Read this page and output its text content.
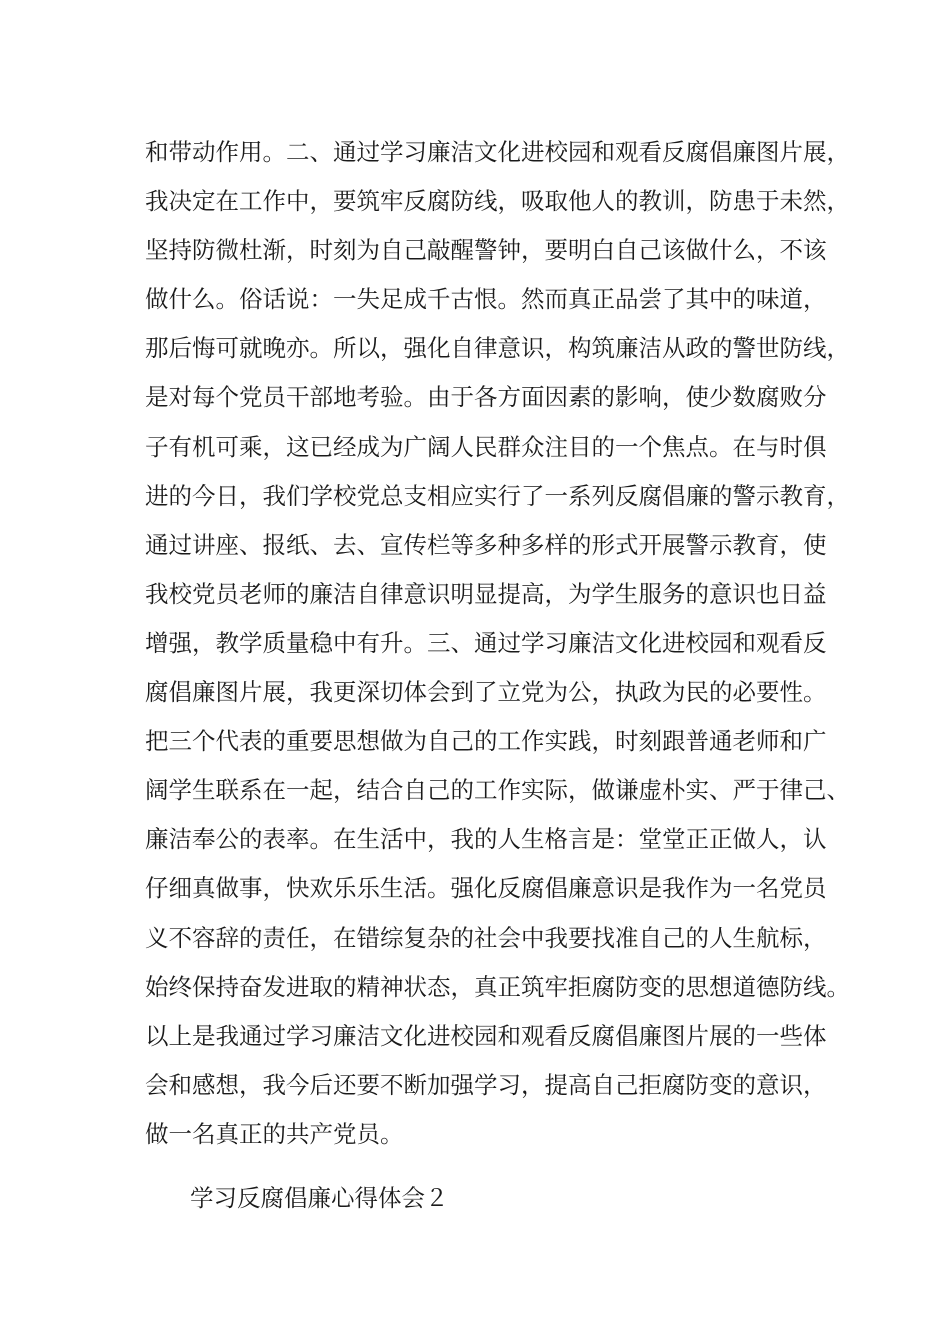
和带动作用。二、通过学习廉洁文化进校园和观看反腐倡廉图片展，
我决定在工作中，要筑牢反腐防线，吸取他人的教训，防患于未然，
坚持防微杜渐，时刻为自己敲醒警钟，要明白自己该做什么，不该
做什么。俗话说：一失足成千古恨。然而真正品尝了其中的味道，
那后悔可就晚亦。所以，强化自律意识，构筑廉洁从政的警世防线，
是对每个党员干部地考验。由于各方面因素的影响，使少数腐败分
子有机可乘，这已经成为广阔人民群众注目的一个焦点。在与时俱
进的今日，我们学校党总支相应实行了一系列反腐倡廉的警示教育，
通过讲座、报纸、去、宣传栏等多种多样的形式开展警示教育，使
我校党员老师的廉洁自律意识明显提高，为学生服务的意识也日益
增强，教学质量稳中有升。三、通过学习廉洁文化进校园和观看反
腐倡廉图片展，我更深切体会到了立党为公，执政为民的必要性。
把三个代表的重要思想做为自己的工作实践，时刻跟普通老师和广
阔学生联系在一起，结合自己的工作实际，做谦虚朴实、严于律己、
廉洁奉公的表率。在生活中，我的人生格言是：堂堂正正做人，认
仔细真做事，快欢乐乐生活。强化反腐倡廉意识是我作为一名党员
义不容辞的责任，在错综复杂的社会中我要找准自己的人生航标，
始终保持奋发进取的精神状态，真正筑牢拒腐防变的思想道德防线。
以上是我通过学习廉洁文化进校园和观看反腐倡廉图片展的一些体
会和感想，我今后还要不断加强学习，提高自己拒腐防变的意识，
做一名真正的共产党员。
学习反腐倡廉心得体会２
